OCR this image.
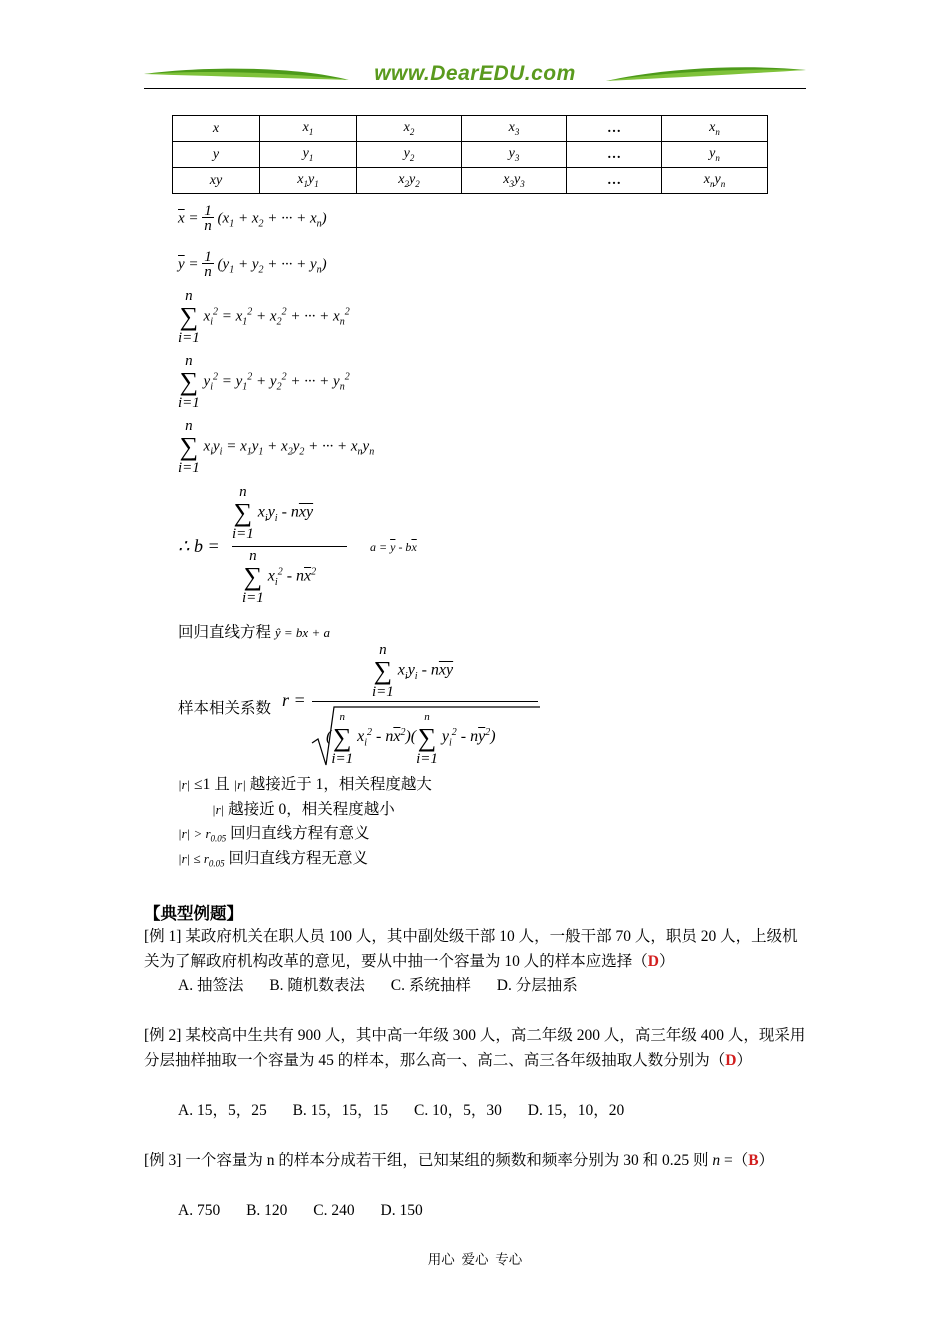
www.DearEDU.com
x	$x_1$	$x_2$	$x_3$	…	$x_n$
y	$y_1$	$y_2$	$y_3$	…	$y_n$
xy	$x_1y_1$	$x_2y_2$	$x_3y_3$	…	$x_ny_n$
$\overline{x} = 1$
n ($x_1 + x_2$ + ··· + $x_n$)
$\overline{y} = 1$
n ($y_1 + y_2$ + ··· + $y_n$)
n
∑
i=1 $x_i^2 = x_1^2 + x_2^2$ + ··· + $x_n^2$
n
∑
i=1 $y_i^2 = y_1^2 + y_2^2$ + ··· + $y_n^2$
n
∑
i=1 $x_iy_i = x_1y_1 + x_2y_2$ + ··· + $x_ny_n$
∴ b =
n
∑
i=1 $x_iy_i - n\overline{x}\overline{y}$
n
∑
i=1 $x_i^2 - n\overline{x}^2$
$a = \overline{y} - b\overline{x}$
回归直线方程 ŷ = bx + a
样本相关系数 r =
n
∑
i=1 $x_iy_i - n\overline{x}\overline{y}$
(n
∑
i=1 $x_i^2 - n\overline{x}^2)(n$
∑
i=1 $y_i^2 - n\overline{y}^2$)
|r| ≤1 且 |r| 越接近于 1，相关程度越大
|r| 越接近 0，相关程度越小
$|r| > r_{0.05}$ 回归直线方程有意义
$|r| \le r_{0.05}$ 回归直线方程无意义
【典型例题】
[例 1] 某政府机关在职人员 100 人，其中副处级干部 10 人，一般干部 70 人，职员 20 人，上级机关为了解政府机构改革的意见，要从中抽一个容量为 10 人的样本应选择（D）
A. 抽签法 B. 随机数表法 C. 系统抽样 D. 分层抽系
[例 2] 某校高中生共有 900 人，其中高一年级 300 人，高二年级 200 人，高三年级 400 人，现采用分层抽样抽取一个容量为 45 的样本，那么高一、高二、高三各年级抽取人数分别为（D）
A. 15，5，25 B. 15，15，15 C. 10，5，30 D. 15，10，20
[例 3] 一个容量为 n 的样本分成若干组，已知某组的频数和频率分别为 30 和 0.25 则 n =（B）
A. 750 B. 120 C. 240 D. 150
用心  爱心  专心
